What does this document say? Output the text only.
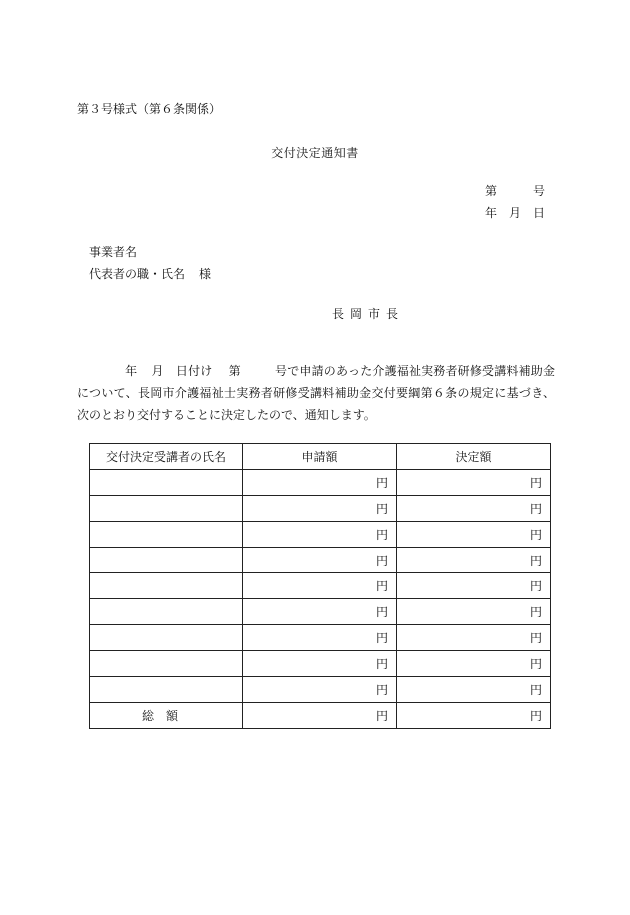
第３号様式（第６条関係）
交付決定通知書
第	号
年 月 日
事業者名
代表者の職・氏名 様
長岡市長
年 月 日付け 第	号で申請のあった介護福祉実務者研修受講料補助金について、長岡市介護福祉士実務者研修受講料補助金交付要綱第６条の規定に基づき、次のとおり交付することに決定したので、通知します。
交付決定受講者の氏名	申請額	決定額
	円	円
	円	円
	円	円
	円	円
	円	円
	円	円
	円	円
	円	円
	円	円
総額	円	円
